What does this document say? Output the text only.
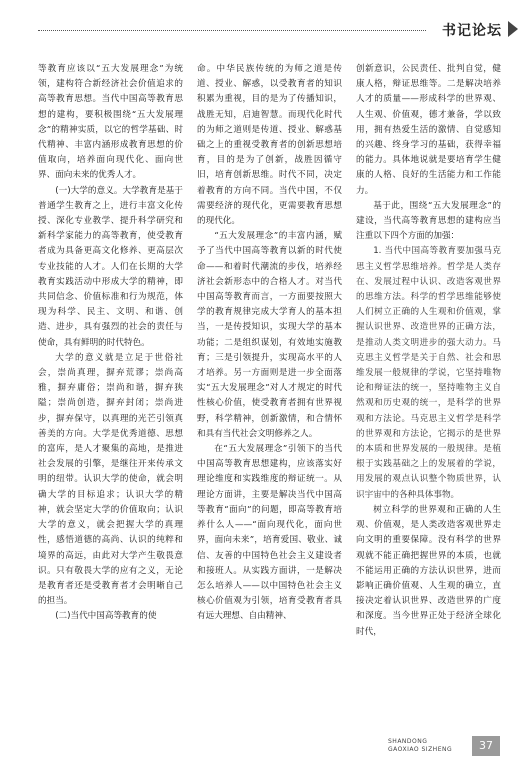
书记论坛

等教育应该以“五大发展理念”为统领，建构符合新经济社会价值追求的高等教育思想。当代中国高等教育思想的建构，要积极围绕“五大发展理念”的精神实质，以它的哲学基础、时代精神、丰富内涵形成教育思想的价值取向，培养面向现代化、面向世界、面向未来的优秀人才。

(一)大学的意义。大学教育是基于普通学生教育之上，进行丰富文化传授、深化专业教学、提升科学研究和新科学家能力的高等教育，使受教育者成为具备更高文化修养、更高层次专业技能的人才。人们在长期的大学教育实践活动中形成大学的精神，即共同信念、价值标准和行为规范，体现为科学、民主、文明、和谐、创造、进步，具有强烈的社会的责任与使命，具有鲜明的时代特色。

大学的意义就是立足于世俗社会，崇尚真理，摒弃荒谬；崇尚高雅，摒弃庸俗；崇尚和谐，摒弃狭隘；崇尚创造，摒弃封闭；崇尚进步，摒弃保守，以真理的光芒引领真善美的方向。大学是优秀道德、思想的富库，是人才聚集的高地，是推进社会发展的引擎，是继往开来传承文明的纽带。认识大学的使命，就会明确大学的目标追求；认识大学的精神，就会坚定大学的价值取向；认识大学的意义，就会把握大学的真理性，感悟道德的高尚、认识的纯粹和境界的高远，由此对大学产生敬畏意识。只有敬畏大学的应有之义，无论是教育者还是受教育者才会明晰自己的担当。

(二)当代中国高等教育的使

命。中华民族传统的为师之道是传道、授业、解惑，以受教育者的知识积累为重视，目的是为了传播知识，战胜无知，启迪智慧。而现代化时代的为师之道则是传道、授业、解惑基础之上的重视受教育者的创新思想培育，目的是为了创新，战胜因循守旧，培育创新思维。时代不同，决定着教育的方向不同。当代中国，不仅需要经济的现代化，更需要教育思想的现代化。

“五大发展理念”的丰富内涵，赋予了当代中国高等教育以新的时代使命——和着时代潮流的步伐，培养经济社会新形态中的合格人才。对当代中国高等教育而言，一方面要按照大学的教育规律完成大学育人的基本担当，一是传授知识，实现大学的基本功能；二是组织谋划，有效地实施教育；三是引领提升，实现高水平的人才培养。另一方面则是进一步全面落实“五大发展理念”对人才规定的时代性核心价值，使受教育者拥有世界视野，科学精神，创新激情，和合情怀和具有当代社会文明修养之人。

在“五大发展理念”引领下的当代中国高等教育思想建构，应该落实好理论维度和实践维度的辩证统一。从理论方面讲，主要是解决当代中国高等教育“面向”的问题，即高等教育培养什么人——“面向现代化，面向世界，面向未来”，培育爱国、敬业、诚信、友善的中国特色社会主义建设者和接班人。从实践方面讲，一是解决怎么培养人——以中国特色社会主义核心价值观为引领，培育受教育者具有远大理想、自由精神、

创新意识，公民责任、批判自觉，健康人格，辩证思维等。二是解决培养人才的质量——形成科学的世界观、人生观、价值观，德才兼备，学以致用，拥有热爱生活的激情、自觉感知的兴趣、终身学习的基础，获得幸福的能力。具体地说就是要培育学生健康的人格、良好的生活能力和工作能力。

基于此，围绕“五大发展理念”的建设，当代高等教育思想的建构应当注重以下四个方面的加强：

1. 当代中国高等教育要加强马克思主义哲学思维培养。哲学是人类存在、发展过程中认识、改造客观世界的思维方法。科学的哲学思维能够使人们树立正确的人生观和价值观，掌握认识世界、改造世界的正确方法，是推动人类文明进步的强大动力。马克思主义哲学是关于自然、社会和思维发展一般规律的学说，它坚持唯物论和辩证法的统一，坚持唯物主义自然观和历史观的统一，是科学的世界观和方法论。马克思主义哲学是科学的世界观和方法论，它揭示的是世界的本质和世界发展的一般规律。是植根于实践基础之上的发展着的学说，用发展的观点认识整个物质世界，认识宇宙中的各种具体事物。

树立科学的世界观和正确的人生观、价值观，是人类改造客观世界走向文明的重要保障。没有科学的世界观就不能正确把握世界的本质，也就不能运用正确的方法认识世界，进而影响正确价值观、人生观的确立，直接决定着认识世界、改造世界的广度和深度。当今世界正处于经济全球化时代，

SHANDONG
GAOXIAO SIZHENG	37
